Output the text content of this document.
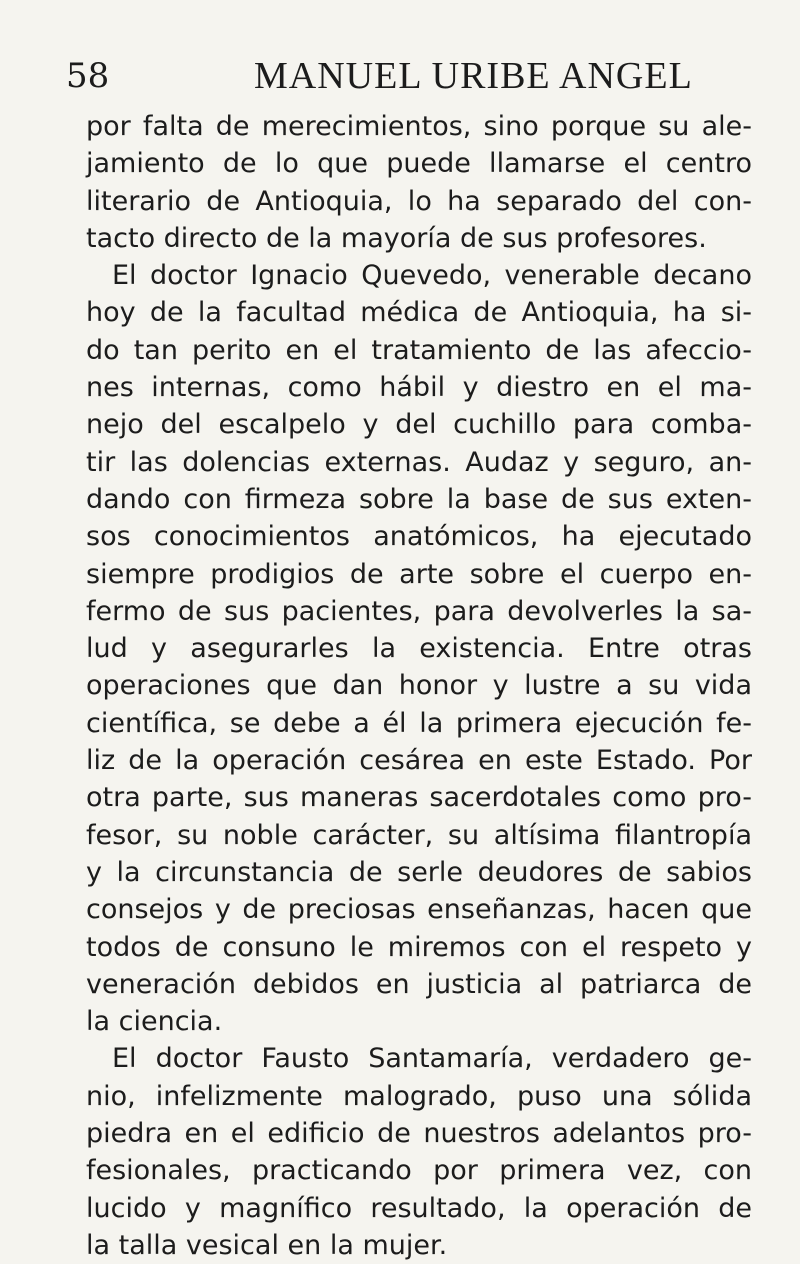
58	MANUEL URIBE ANGEL
por falta de merecimientos, sino porque su ale-
jamiento de lo que puede llamarse el centro
literario de Antioquia, lo ha separado del con-
tacto directo de la mayoría de sus profesores.
El doctor Ignacio Quevedo, venerable decano
hoy de la facultad médica de Antioquia, ha si-
do tan perito en el tratamiento de las afeccio-
nes internas, como hábil y diestro en el ma-
nejo del escalpelo y del cuchillo para comba-
tir las dolencias externas. Audaz y seguro, an-
dando con firmeza sobre la base de sus exten-
sos conocimientos anatómicos, ha ejecutado
siempre prodigios de arte sobre el cuerpo en-
fermo de sus pacientes, para devolverles la sa-
lud y asegurarles la existencia. Entre otras
operaciones que dan honor y lustre a su vida
científica, se debe a él la primera ejecución fe-
liz de la operación cesárea en este Estado. Por
otra parte, sus maneras sacerdotales como pro-
fesor, su noble carácter, su altísima filantropía
y la circunstancia de serle deudores de sabios
consejos y de preciosas enseñanzas, hacen que
todos de consuno le miremos con el respeto y
veneración debidos en justicia al patriarca de
la ciencia.
El doctor Fausto Santamaría, verdadero ge-
nio, infelizmente malogrado, puso una sólida
piedra en el edificio de nuestros adelantos pro-
fesionales, practicando por primera vez, con
lucido y magnífico resultado, la operación de
la talla vesical en la mujer.
